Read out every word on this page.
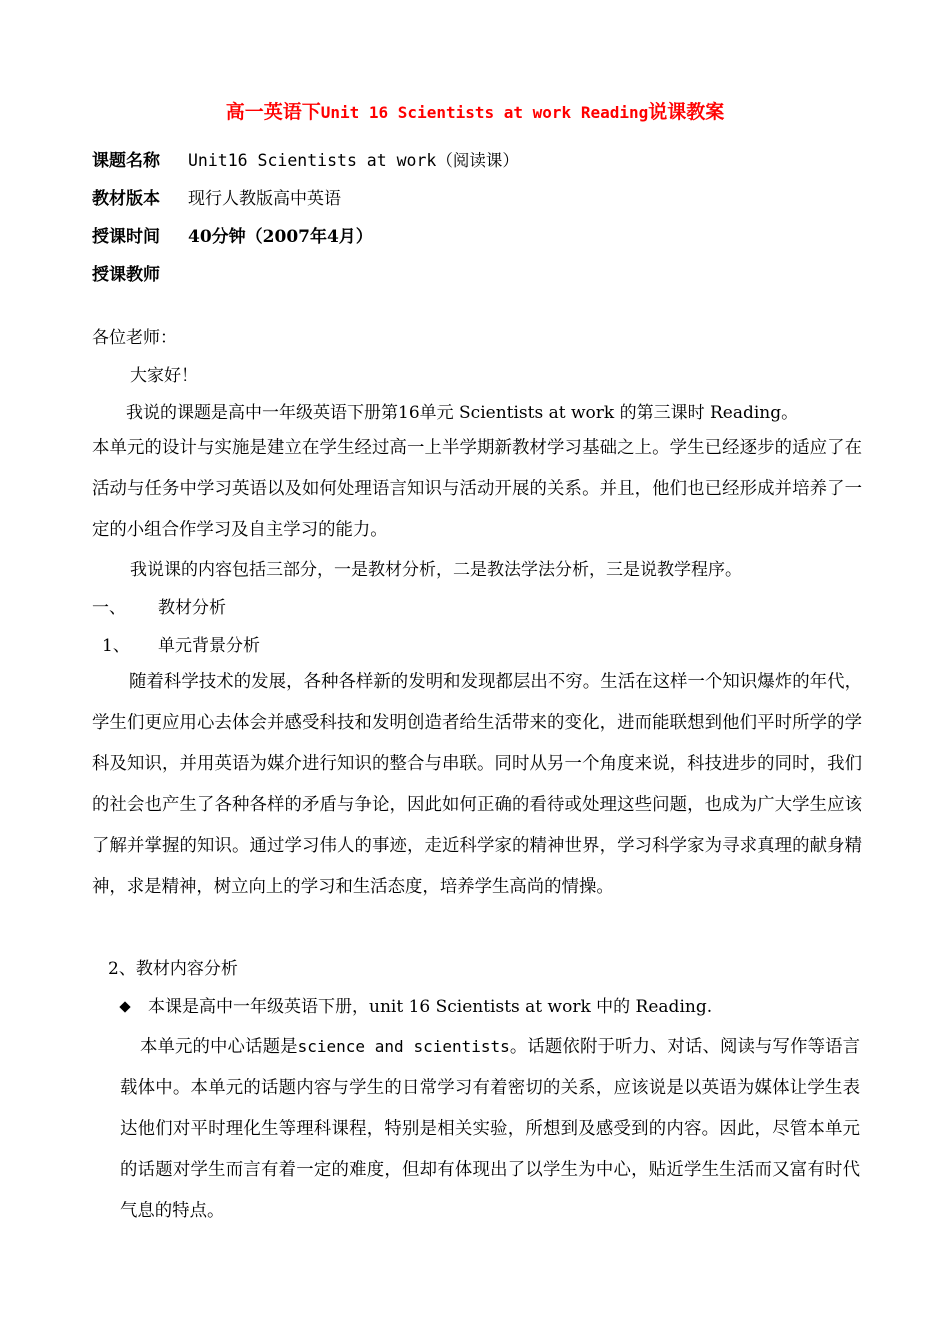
高一英语下Unit 16 Scientists at work Reading说课教案
课题名称 Unit16 Scientists at work（阅读课）
教材版本 现行人教版高中英语
授课时间 40分钟（2007年4月）
授课教师
各位老师：
大家好！
我说的课题是高中一年级英语下册第16单元 Scientists at work 的第三课时 Reading。
本单元的设计与实施是建立在学生经过高一上半学期新教材学习基础之上。学生已经逐步的适应了在活动与任务中学习英语以及如何处理语言知识与活动开展的关系。并且，他们也已经形成并培养了一定的小组合作学习及自主学习的能力。
我说课的内容包括三部分，一是教材分析，二是教法学法分析，三是说教学程序。
一、 教材分析
1、 单元背景分析
随着科学技术的发展，各种各样新的发明和发现都层出不穷。生活在这样一个知识爆炸的年代，学生们更应用心去体会并感受科技和发明创造者给生活带来的变化，进而能联想到他们平时所学的学科及知识，并用英语为媒介进行知识的整合与串联。同时从另一个角度来说，科技进步的同时，我们的社会也产生了各种各样的矛盾与争论，因此如何正确的看待或处理这些问题，也成为广大学生应该了解并掌握的知识。通过学习伟人的事迹，走近科学家的精神世界，学习科学家为寻求真理的献身精神，求是精神，树立向上的学习和生活态度，培养学生高尚的情操。
2、教材内容分析
本课是高中一年级英语下册，unit 16 Scientists at work 中的 Reading.
本单元的中心话题是science and scientists。话题依附于听力、对话、阅读与写作等语言载体中。本单元的话题内容与学生的日常学习有着密切的关系，应该说是以英语为媒体让学生表达他们对平时理化生等理科课程，特别是相关实验，所想到及感受到的内容。因此，尽管本单元的话题对学生而言有着一定的难度，但却有体现出了以学生为中心，贴近学生生活而又富有时代气息的特点。
